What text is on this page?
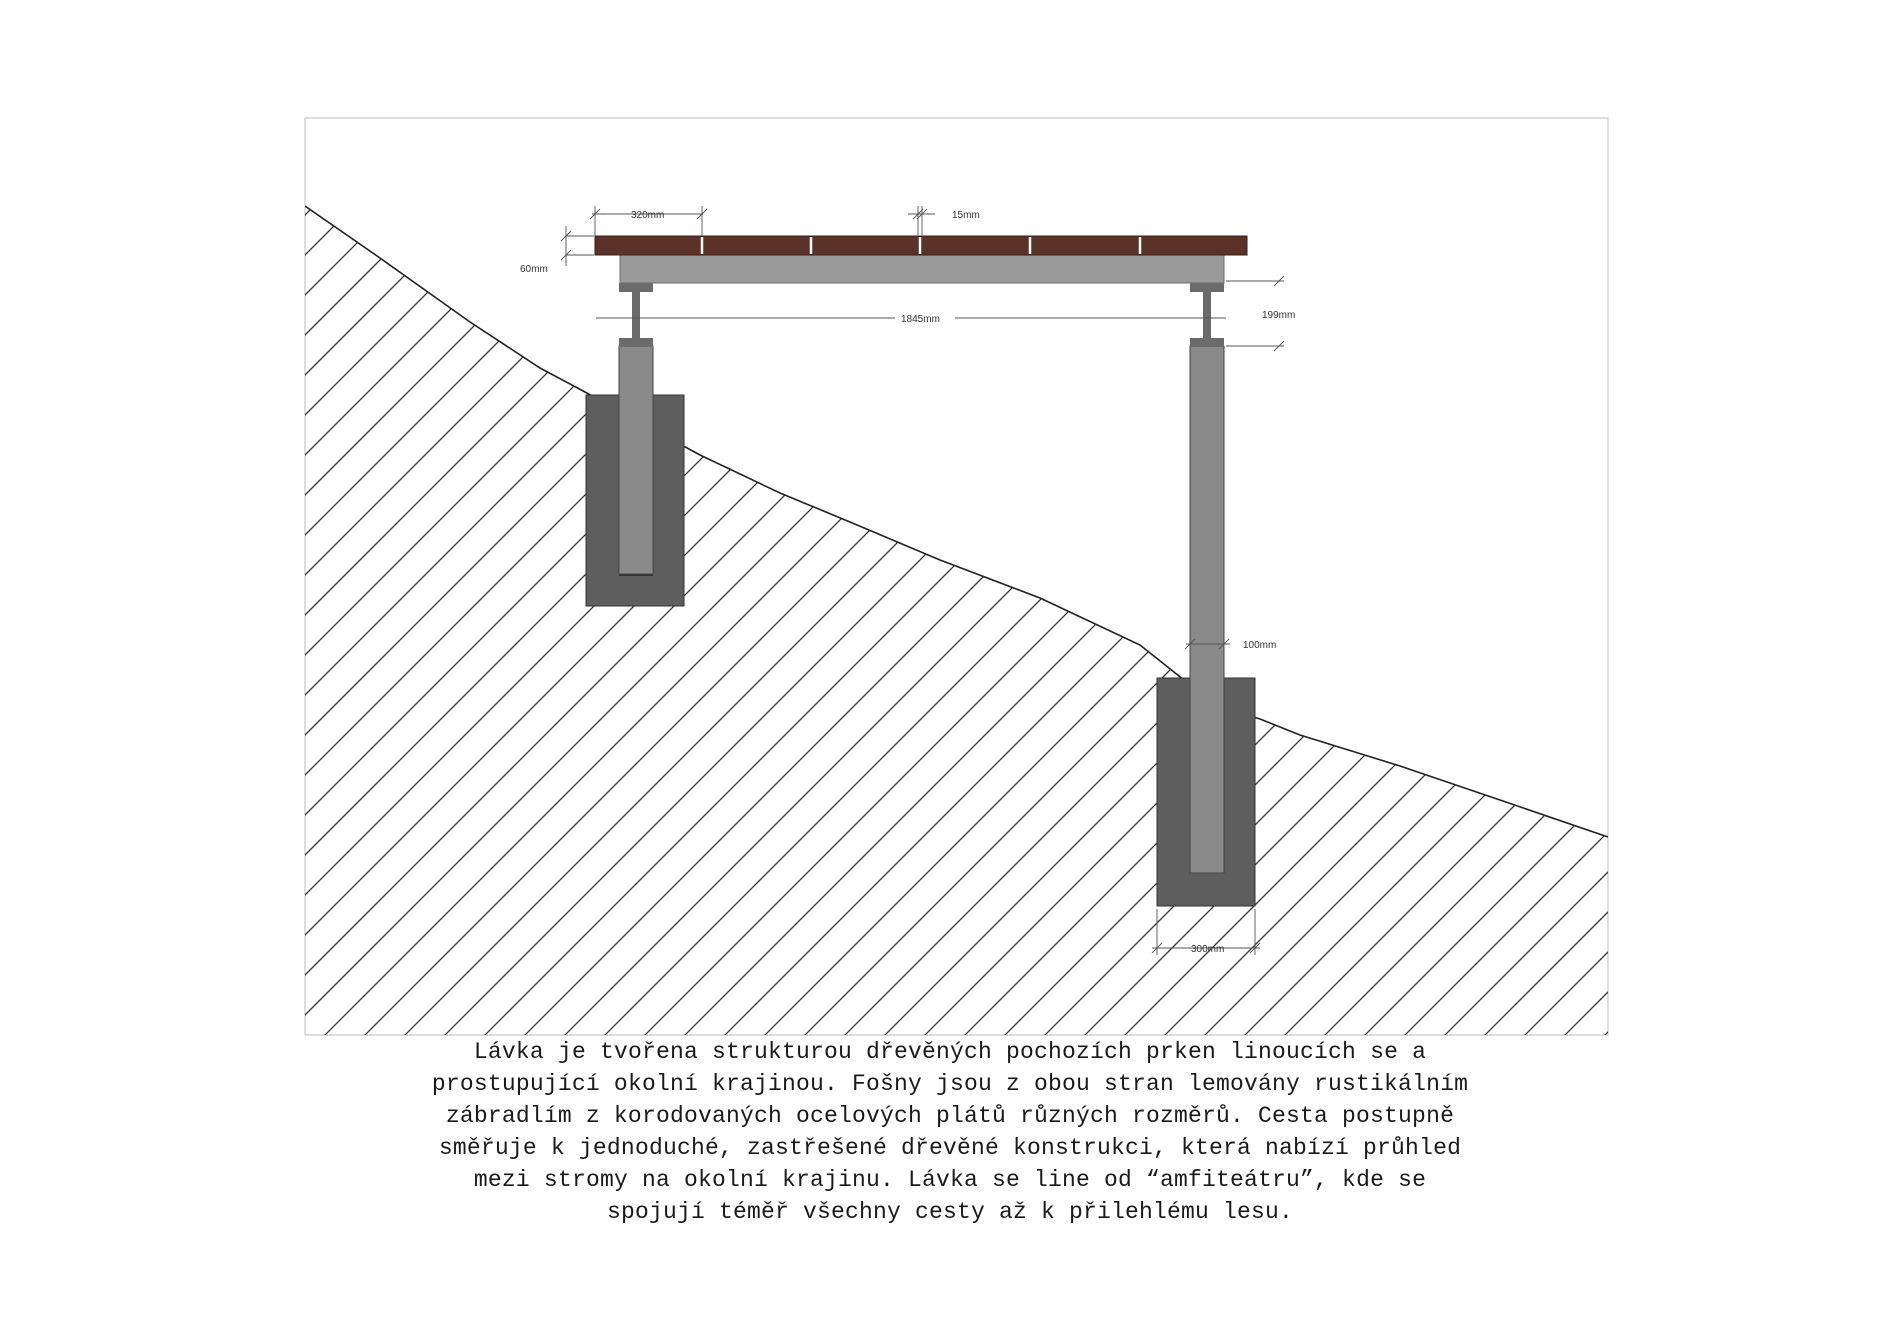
320mm	15mm
60mm
1845mm	199mm
100mm
300mm
Lávka je tvořena strukturou dřevěných pochozích prken linoucích se a
prostupující okolní krajinou. Fošny jsou z obou stran lemovány rustikálním
zábradlím z korodovaných ocelových plátů různých rozměrů. Cesta postupně
směřuje k jednoduché, zastřešené dřevěné konstrukci, která nabízí průhled
mezi stromy na okolní krajinu. Lávka se line od “amfiteátru”, kde se
spojují téměř všechny cesty až k přilehlému lesu.
